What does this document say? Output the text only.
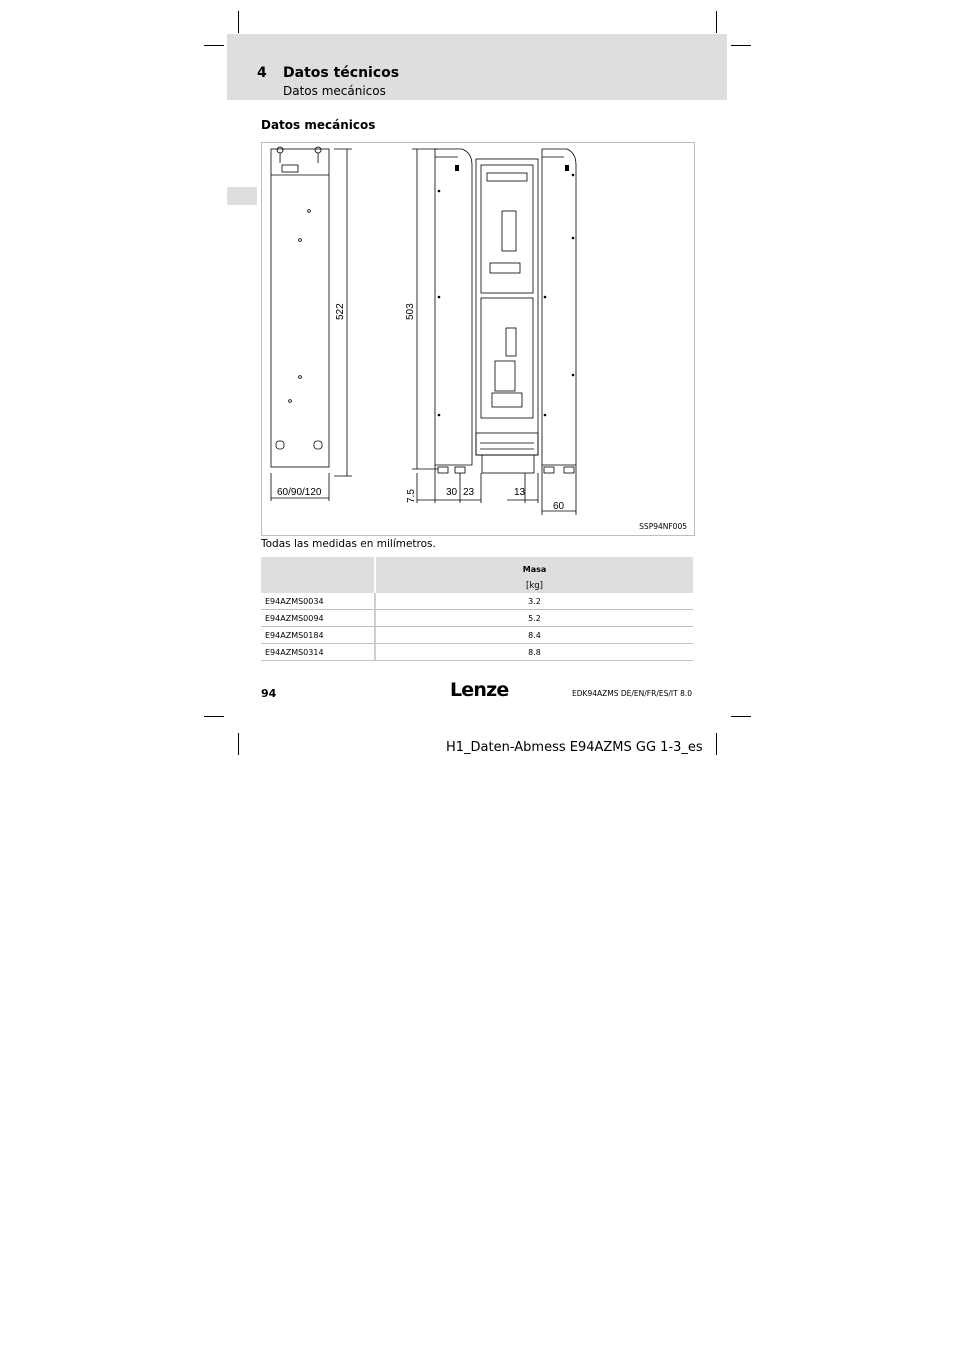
4 Datos técnicos
Datos mecánicos
Datos mecánicos
522	503
60/90/120	7.5	30 23	13
60
SSP94NF005
Todas las medidas en milímetros.

	Masa
[kg]

E94AZMS0034	3.2
E94AZMS0094	5.2
E94AZMS0184	8.4
E94AZMS0314	8.8
94	Lenze	EDK94AZMS DE/EN/FR/ES/IT 8.0
H1_Daten-Abmess E94AZMS GG 1-3_es
